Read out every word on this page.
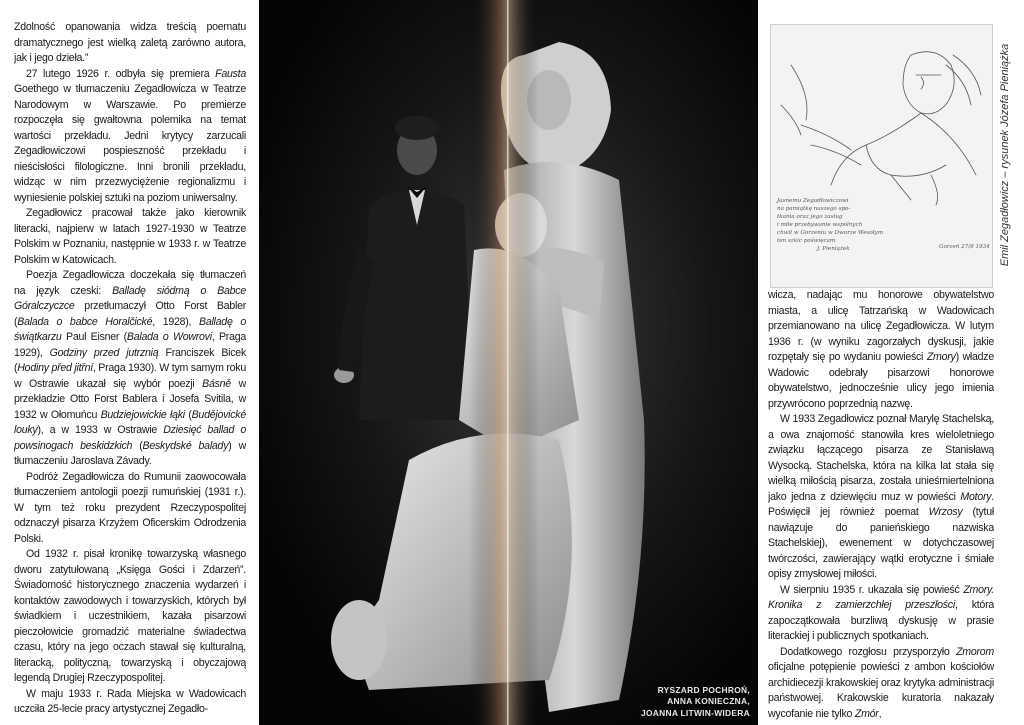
Zdolność opanowania widza treścią poematu dramatycznego jest wielką zaletą zarówno autora, jak i jego dzieła.”

27 lutego 1926 r. odbyła się premiera Fausta Goethego w tłumaczeniu Zegadłowicza w Teatrze Narodowym w Warszawie. Po premierze rozpoczęła się gwałtowna polemika na temat wartości przekładu. Jedni krytycy zarzucali Zegadłowiczowi pospieszność przekładu i nieścisłości filologiczne. Inni bronili przekładu, widząc w nim przezwyciężenie regionalizmu i wyniesienie polskiej sztuki na poziom uniwersalny.

Zegadłowicz pracował także jako kierownik literacki, najpierw w latach 1927-1930 w Teatrze Polskim w Poznaniu, następnie w 1933 r. w Teatrze Polskim w Katowicach.

Poezja Zegadłowicza doczekała się tłumaczeń na język czeski: Balladę siódmą o Babce Góralczyczce przetłumaczył Otto Forst Babler (Balada o babce Horalčické, 1928), Balladę o świątkarzu Paul Eisner (Balada o Wowrovi, Praga 1929), Godziny przed jutrznią Franciszek Bicek (Hodiny před jitřní, Praga 1930). W tym samym roku w Ostrawie ukazał się wybór poezji Básně w przekładzie Otto Forst Bablera i Josefa Svitila, w 1932 w Ołomuńcu Budziejowickie łąki (Budějovické louky), a w 1933 w Ostrawie Dziesięć ballad o powsinogach beskidzkich (Beskydské balady) w tłumaczeniu Jaroslava Závady.

Podróż Zegadłowicza do Rumunii zaowocowała tłumaczeniem antologii poezji rumuńskiej (1931 r.). W tym też roku prezydent Rzeczypospolitej odznaczył pisarza Krzyżem Oficerskim Odrodzenia Polski.

Od 1932 r. pisał kronikę towarzyską własnego dworu zatytułowaną „Księga Gości i Zdarzeń”. Świadomość historycznego znaczenia wydarzeń i kontaktów zawodowych i towarzyskich, których był świadkiem i uczestnikiem, kazała pisarzowi pieczołowicie gromadzić materialne świadectwa czasu, który na jego oczach stawał się kulturalną, literacką, polityczną, towarzyską i obyczajową legendą Drugiej Rzeczypospolitej.

W maju 1933 r. Rada Miejska w Wadowicach uczciła 25-lecie pracy artystycznej Zegadło-

RYSZARD POCHROŃ,
ANNA KONIECZNA,
JOANNA LITWIN-WIDERA
Jasnemu Zegadłowiczowi
na pamiątkę naszego spo-
tkania oraz jego zasług
i miłe przebywanie wspólnych
chwil w Gorzeniu w Dworze Wesołym
ten szkic poświęcam
J. Pieniążek	Gorzeń 27/9 1934 Emil Zegadłowicz – rysunek Józefa Pieniążka

wicza, nadając mu honorowe obywatelstwo miasta, a ulicę Tatrzańską w Wadowicach przemianowano na ulicę Zegadłowicza. W lutym 1936 r. (w wyniku zagorzałych dyskusji, jakie rozpętały się po wydaniu powieści Zmory) władze Wadowic odebrały pisarzowi honorowe obywatelstwo, jednocześnie ulicy jego imienia przywrócono poprzednią nazwę.

W 1933 Zegadłowicz poznał Marylę Stachelską, a owa znajomość stanowiła kres wieloletniego związku łączącego pisarza ze Stanisławą Wysocką. Stachelska, która na kilka lat stała się wielką miłością pisarza, została unieśmiertelniona jako jedna z dziewięciu muz w powieści Motory. Poświęcił jej również poemat Wrzosy (tytuł nawiązuje do panieńskiego nazwiska Stachelskiej), ewenement w dotychczasowej twórczości, zawierający wątki erotyczne i śmiałe opisy zmysłowej miłości.

W sierpniu 1935 r. ukazała się powieść Zmory. Kronika z zamierzchłej przeszłości, która zapoczątkowała burzliwą dyskusję w prasie literackiej i publicznych spotkaniach.

Dodatkowego rozgłosu przysporzyło Zmorom oficjalne potępienie powieści z ambon kościołów archidiecezji krakowskiej oraz krytyka administracji państwowej. Krakowskie kuratoria nakazały wycofanie nie tylko Zmór,
